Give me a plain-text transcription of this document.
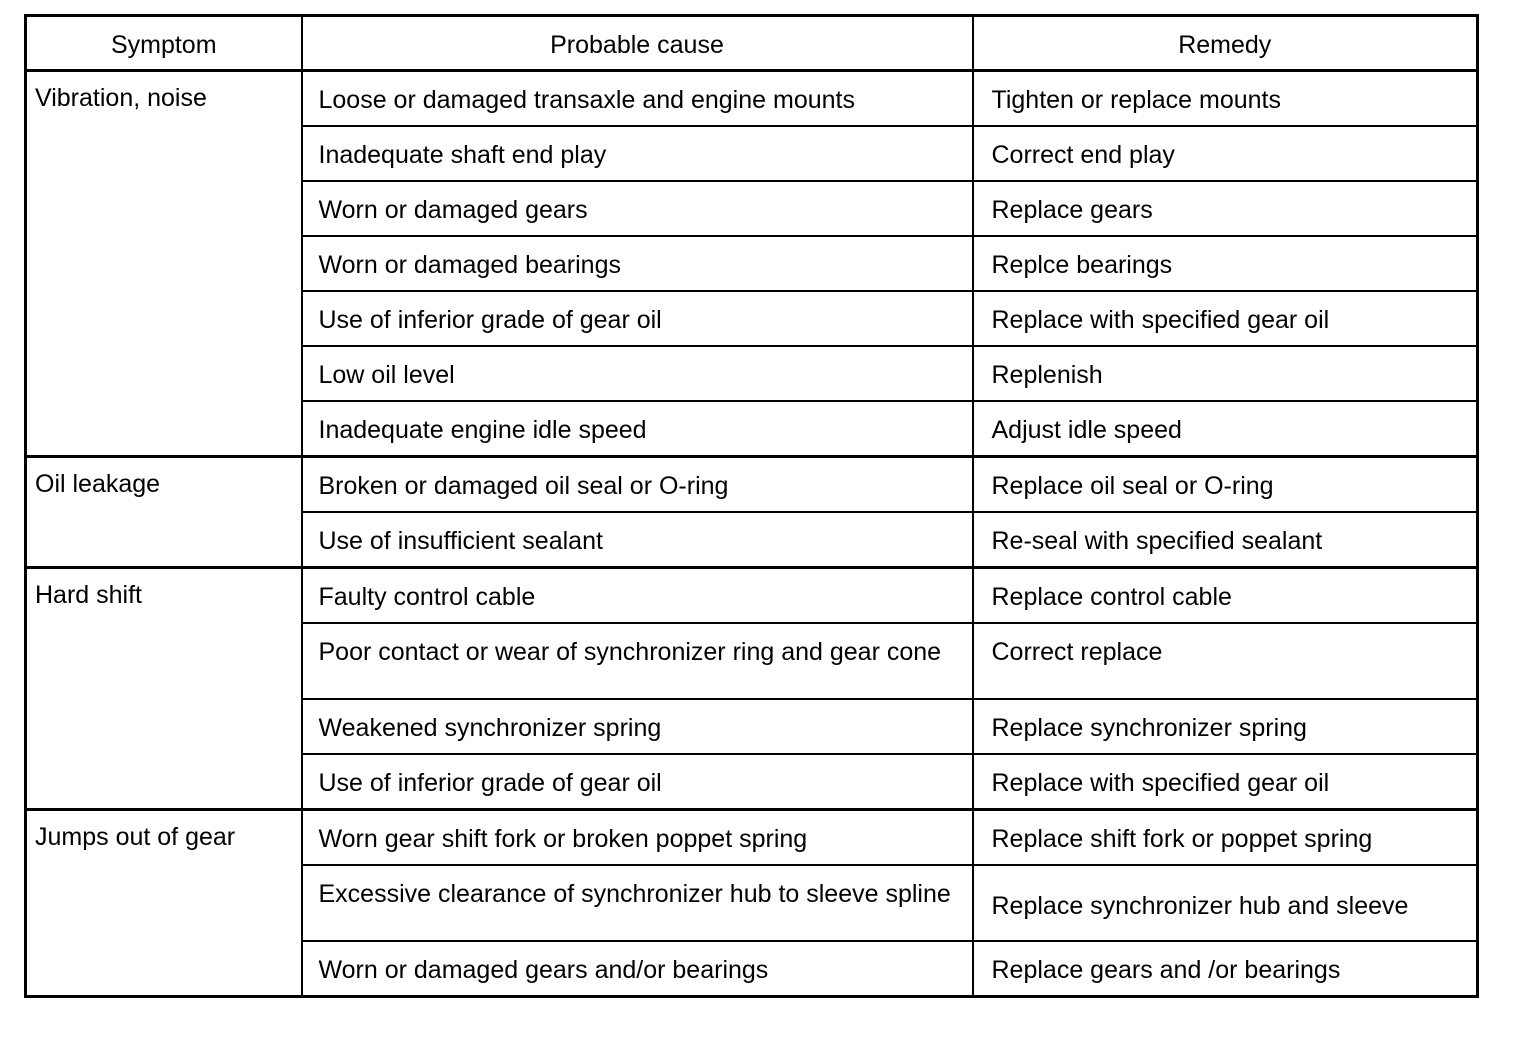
Symptom	Probable cause	Remedy
Vibration, noise	Loose or damaged transaxle and engine mounts	Tighten or replace mounts
	Inadequate shaft end play	Correct end play
	Worn or damaged gears	Replace gears
	Worn or damaged bearings	Replce bearings
	Use of inferior grade of gear oil	Replace with specified gear oil
	Low oil level	Replenish
	Inadequate engine idle speed	Adjust idle speed
Oil leakage	Broken or damaged oil seal or O-ring	Replace oil seal or O-ring
	Use of insufficient sealant	Re-seal with specified sealant
Hard shift	Faulty control cable	Replace control cable
	Poor contact or wear of synchronizer ring and gear cone	Correct replace
	Weakened synchronizer spring	Replace synchronizer spring
	Use of inferior grade of gear oil	Replace with specified gear oil
Jumps out of gear	Worn gear shift fork or broken poppet spring	Replace shift fork or poppet spring
	Excessive clearance of synchronizer hub to sleeve spline	Replace synchronizer hub and sleeve
	Worn or damaged gears and/or bearings	Replace gears and /or bearings
